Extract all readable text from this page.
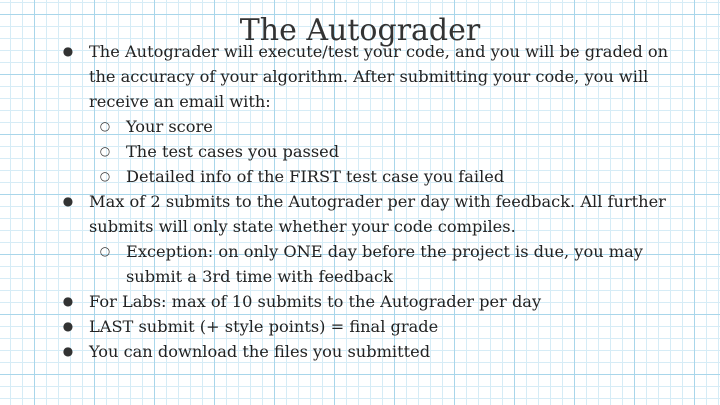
● The Autograder will execute/test your code, and you will be graded on the accuracy of your algorithm. After submitting your code, you will receive an email with:
○ Your score
○ The test cases you passed
○ Detailed info of the FIRST test case you failed
● Max of 2 submits to the Autograder per day with feedback. All further submits will only state whether your code compiles.
○ Exception: on only ONE day before the project is due, you may submit a 3rd time with feedback
● For Labs: max of 10 submits to the Autograder per day
● LAST submit (+ style points) = final grade
● You can download the files you submitted
The Autograder
